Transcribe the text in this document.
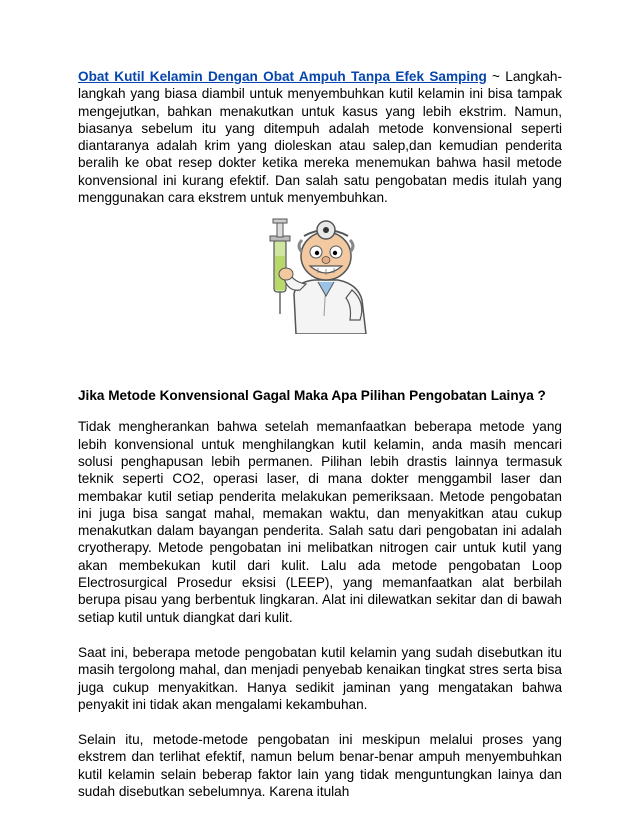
Obat Kutil Kelamin Dengan Obat Ampuh Tanpa Efek Samping ~ Langkah-langkah yang biasa diambil untuk menyembuhkan kutil kelamin ini bisa tampak mengejutkan, bahkan menakutkan untuk kasus yang lebih ekstrim. Namun, biasanya sebelum itu yang ditempuh adalah metode konvensional seperti diantaranya adalah krim yang dioleskan atau salep,dan kemudian penderita beralih ke obat resep dokter ketika mereka menemukan bahwa hasil metode konvensional ini kurang efektif. Dan salah satu pengobatan medis itulah yang menggunakan cara ekstrem untuk menyembuhkan.

Jika Metode Konvensional Gagal Maka Apa Pilihan Pengobatan Lainya ?

Tidak mengherankan bahwa setelah memanfaatkan beberapa metode yang lebih konvensional untuk menghilangkan kutil kelamin, anda masih mencari solusi penghapusan lebih permanen. Pilihan lebih drastis lainnya termasuk teknik seperti CO2, operasi laser, di mana dokter menggambil laser dan membakar kutil setiap penderita melakukan pemeriksaan. Metode pengobatan ini juga bisa sangat mahal, memakan waktu, dan menyakitkan atau cukup menakutkan dalam bayangan penderita. Salah satu dari pengobatan ini adalah cryotherapy. Metode pengobatan ini melibatkan nitrogen cair untuk kutil yang akan membekukan kutil dari kulit. Lalu ada metode pengobatan Loop Electrosurgical Prosedur eksisi (LEEP), yang memanfaatkan alat berbilah berupa pisau yang berbentuk lingkaran. Alat ini dilewatkan sekitar dan di bawah setiap kutil untuk diangkat dari kulit.

Saat ini, beberapa metode pengobatan kutil kelamin yang sudah disebutkan itu masih tergolong mahal, dan menjadi penyebab kenaikan tingkat stres serta bisa juga cukup menyakitkan. Hanya sedikit jaminan yang mengatakan bahwa penyakit ini tidak akan mengalami kekambuhan.

Selain itu, metode-metode pengobatan ini meskipun melalui proses yang ekstrem dan terlihat efektif, namun belum benar-benar ampuh menyembuhkan kutil kelamin selain beberap faktor lain yang tidak menguntungkan lainya dan sudah disebutkan sebelumnya. Karena itulah
